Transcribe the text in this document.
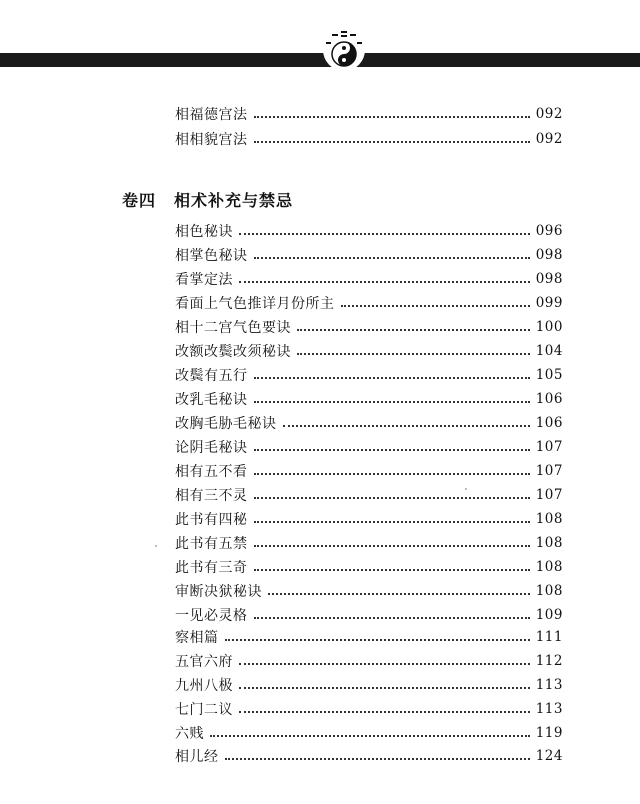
相福德宫法	092
相相貌宫法	092
卷四 相术补充与禁忌
相色秘诀	096
相掌色秘诀	098
看掌定法	098
看面上气色推详月份所主	099
相十二宫气色要诀	100
改额改鬓改须秘诀	104
改鬓有五行	105
改乳毛秘诀	106
改胸毛胁毛秘诀	106
论阴毛秘诀	107
相有五不看	107
相有三不灵	107
此书有四秘	108
此书有五禁	108
此书有三奇	108
审断决狱秘诀	108
一见必灵格	109
察相篇	111
五官六府	112
九州八极	113
七门二议	113
六贱	119
相儿经	124
